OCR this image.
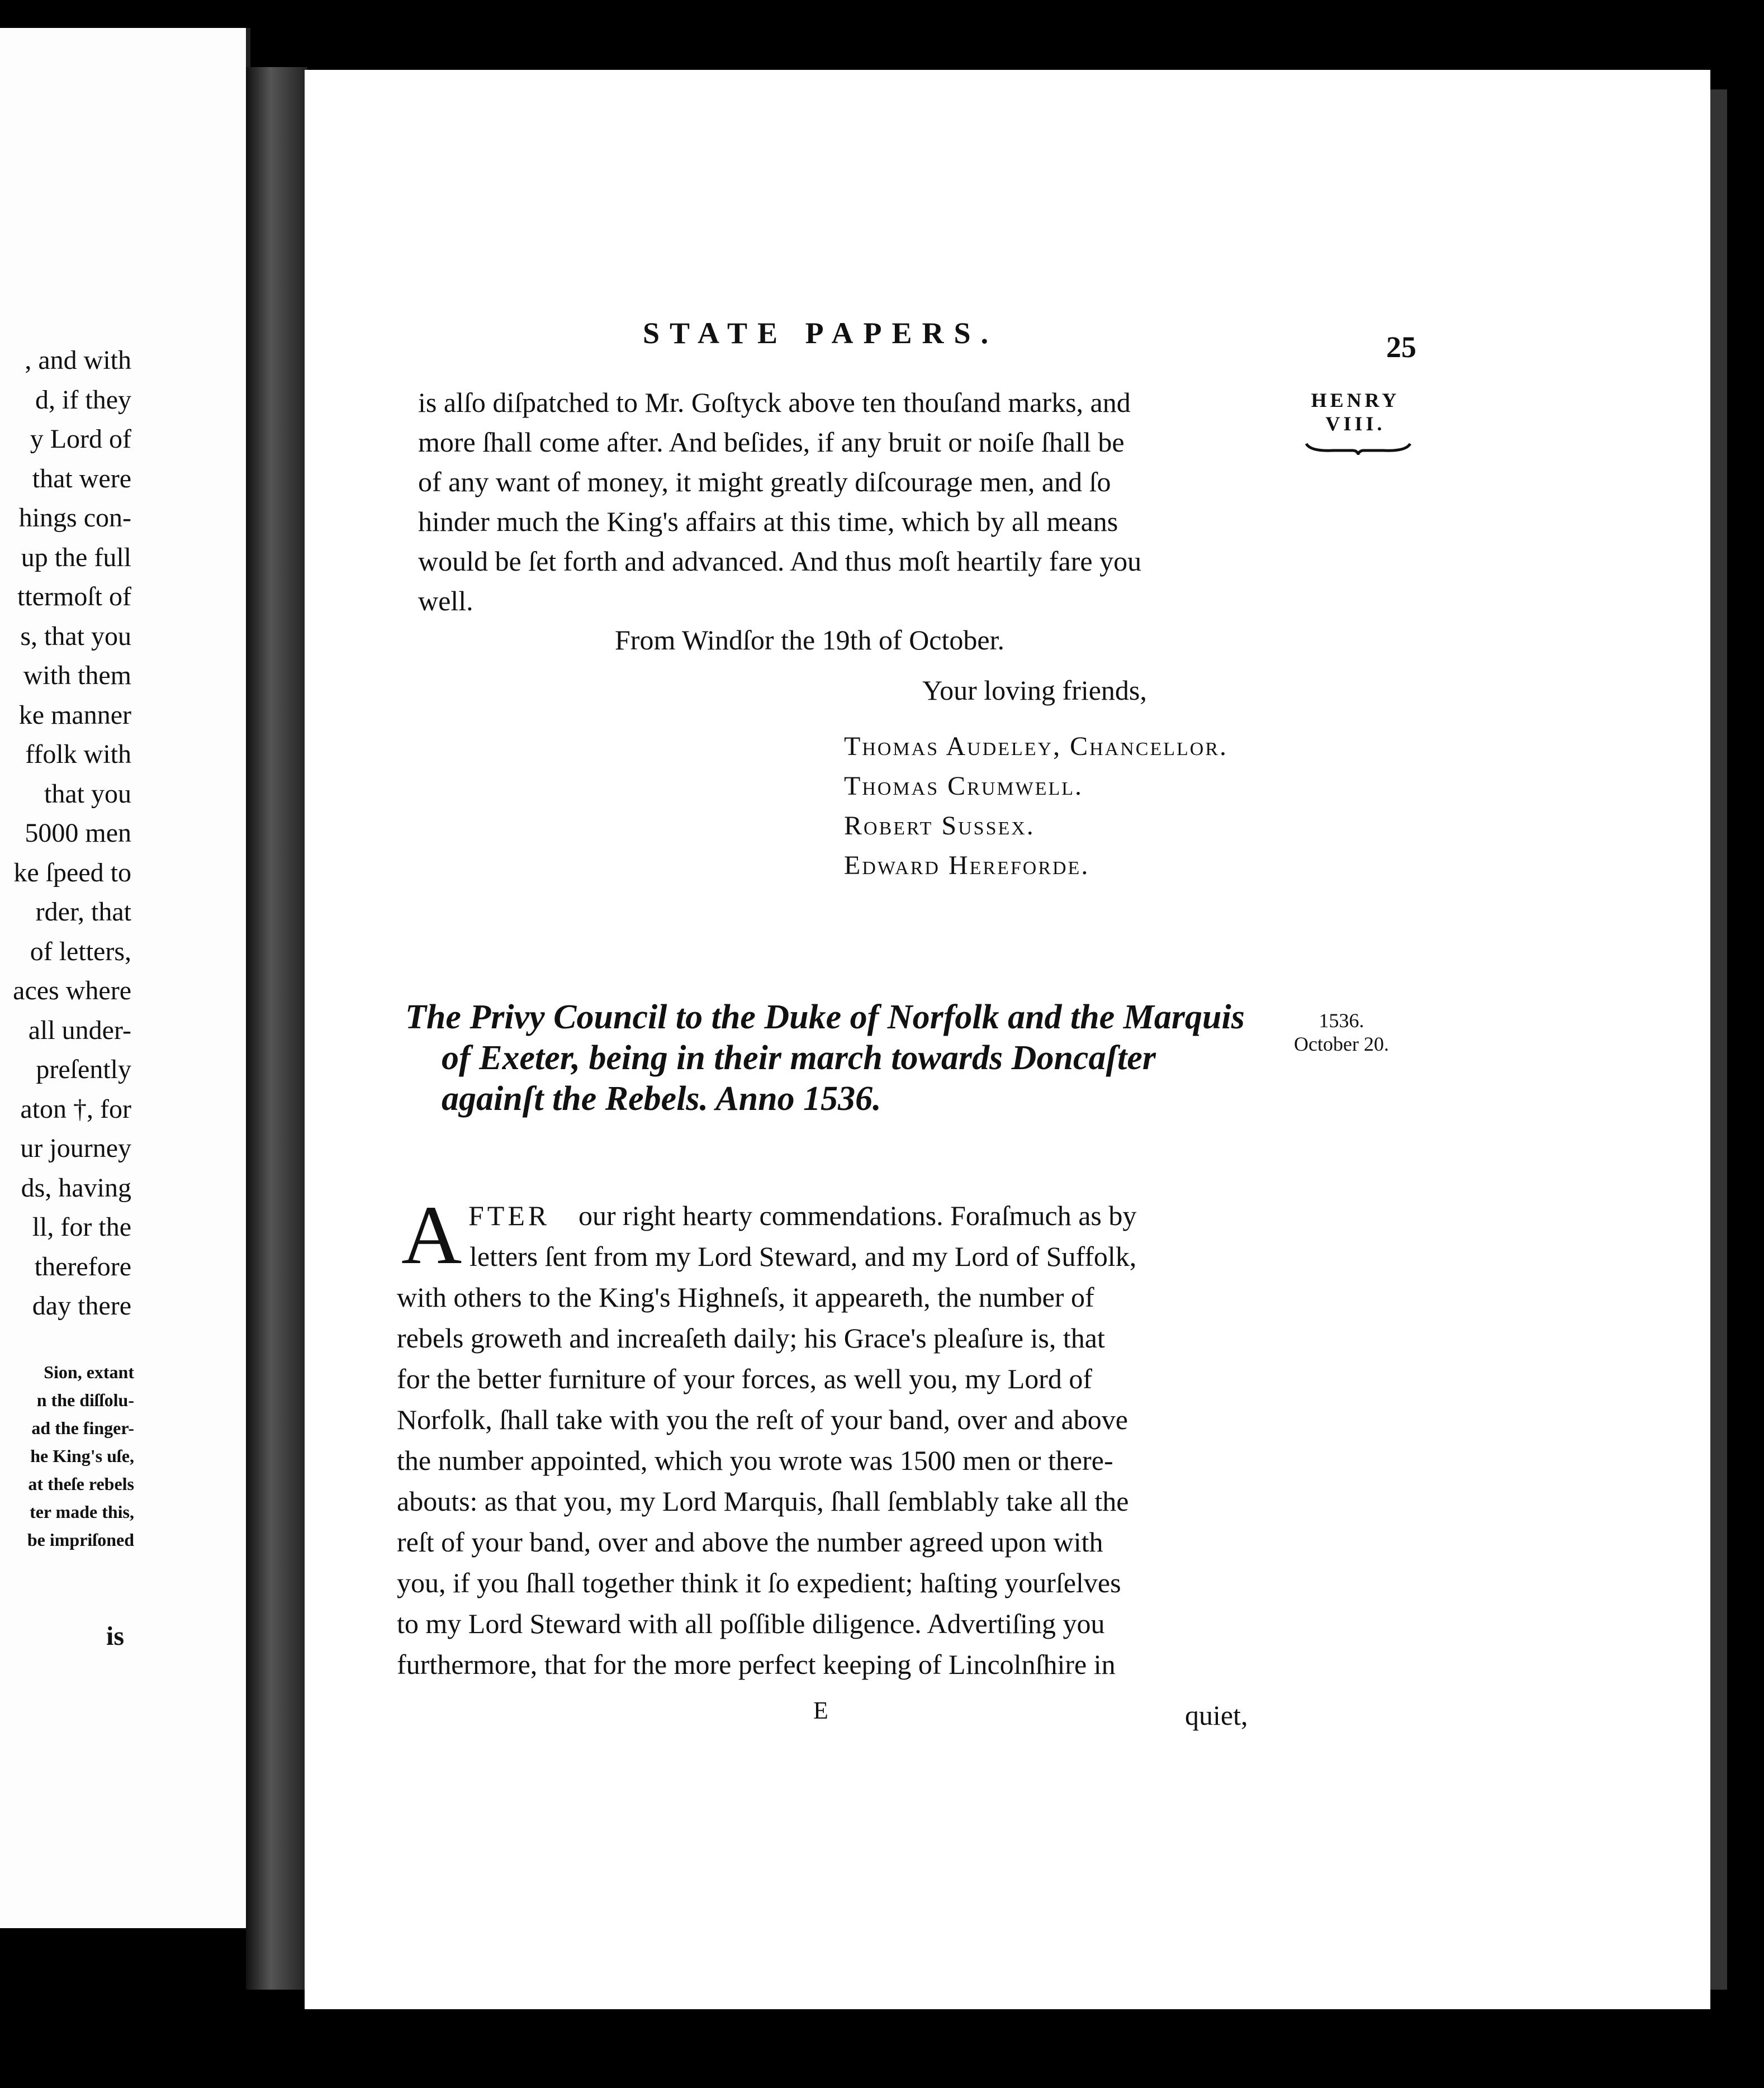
, and with
d, if they
y Lord of
that were
hings con-
up the full
ttermoſt of
s, that you
with them
ke manner
ffolk with
that you
5000 men
ke ſpeed to
rder, that
of letters,
aces where
all under-
preſently
aton †, for
ur journey
ds, having
ll, for the
therefore
day there
Sion, extant
n the diſſolu-
ad the finger-
he King's uſe,
at theſe rebels
ter made this,
be impriſoned
is
STATE PAPERS.	25
HENRY
VIII.
is alſo diſpatched to Mr. Goſtyck above ten thouſand marks, and
more ſhall come after. And beſides, if any bruit or noiſe ſhall be
of any want of money, it might greatly diſcourage men, and ſo
hinder much the King's affairs at this time, which by all means
would be ſet forth and advanced. And thus moſt heartily fare you
well.
From Windſor the 19th of October.
Your loving friends,
Thomas Audeley, Chancellor.
Thomas Crumwell.
Robert Sussex.
Edward Hereforde.
The Privy Council to the Duke of Norfolk and the Marquis
of Exeter, being in their march towards Doncaſter
againſt the Rebels. Anno 1536.
1536.
October 20.
A FTER our right hearty commendations. Foraſmuch as by
letters ſent from my Lord Steward, and my Lord of Suffolk,
with others to the King's Highneſs, it appeareth, the number of
rebels groweth and increaſeth daily; his Grace's pleaſure is, that
for the better furniture of your forces, as well you, my Lord of
Norfolk, ſhall take with you the reſt of your band, over and above
the number appointed, which you wrote was 1500 men or there-
abouts: as that you, my Lord Marquis, ſhall ſemblably take all the
reſt of your band, over and above the number agreed upon with
you, if you ſhall together think it ſo expedient; haſting yourſelves
to my Lord Steward with all poſſible diligence. Advertiſing you
furthermore, that for the more perfect keeping of Lincolnſhire in
E	quiet,
